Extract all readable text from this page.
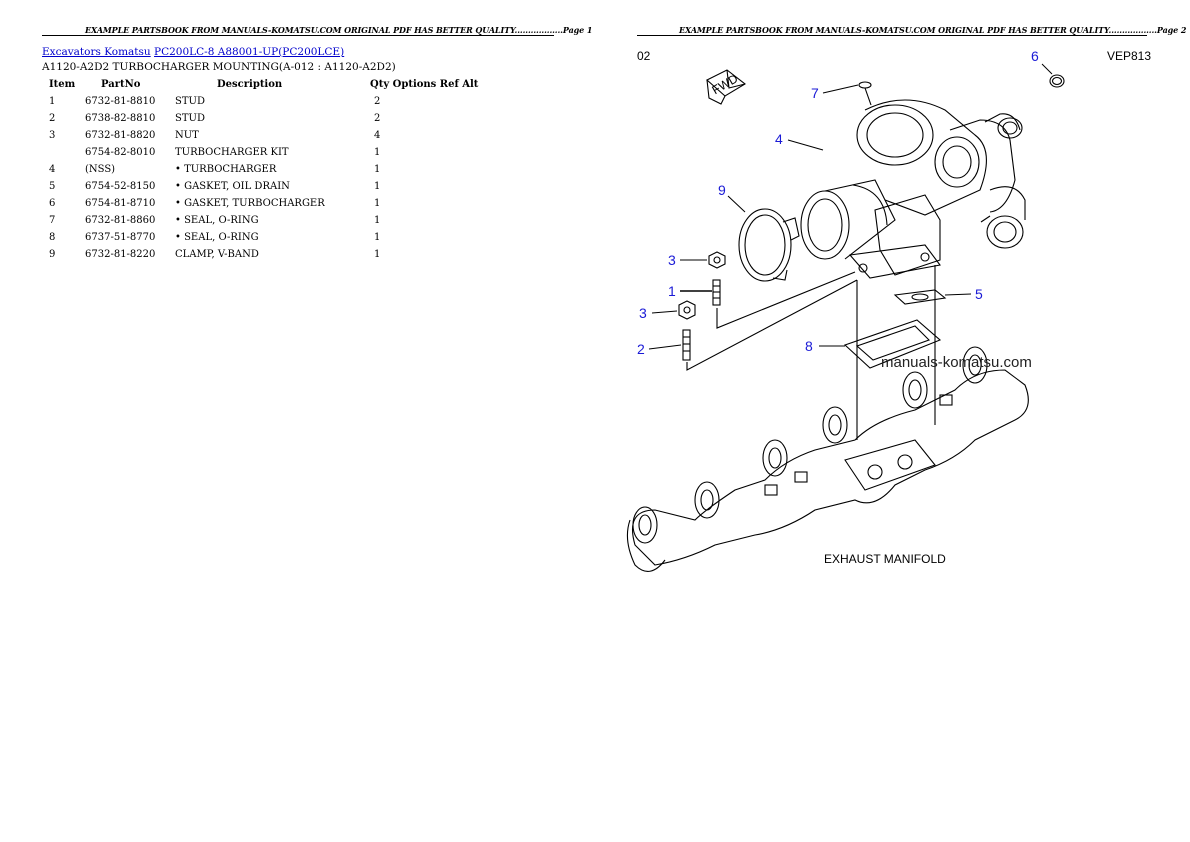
EXAMPLE PARTSBOOK FROM MANUALS-KOMATSU.COM ORIGINAL PDF HAS BETTER QUALITY..................Page 1
Excavators Komatsu PC200LC-8 A88001-UP(PC200LCE)
A1120-A2D2 TURBOCHARGER MOUNTING(A-012 : A1120-A2D2)
Item	PartNo	Description	Qty Options Ref Alt
1	6732-81-8810	STUD	2
2	6738-82-8810	STUD	2
3	6732-81-8820	NUT	4
	6754-82-8010	TURBOCHARGER KIT	1
4	(NSS)	• TURBOCHARGER	1
5	6754-52-8150	• GASKET, OIL DRAIN	1
6	6754-81-8710	• GASKET, TURBOCHARGER	1
7	6732-81-8860	• SEAL, O-RING	1
8	6737-51-8770	• SEAL, O-RING	1
9	6732-81-8220	CLAMP, V-BAND	1
EXAMPLE PARTSBOOK FROM MANUALS-KOMATSU.COM ORIGINAL PDF HAS BETTER QUALITY..................Page 2
02	VEP813
FWD
6
7
4
9
3
1
3
2
5
8
manuals-komatsu.com
EXHAUST MANIFOLD
